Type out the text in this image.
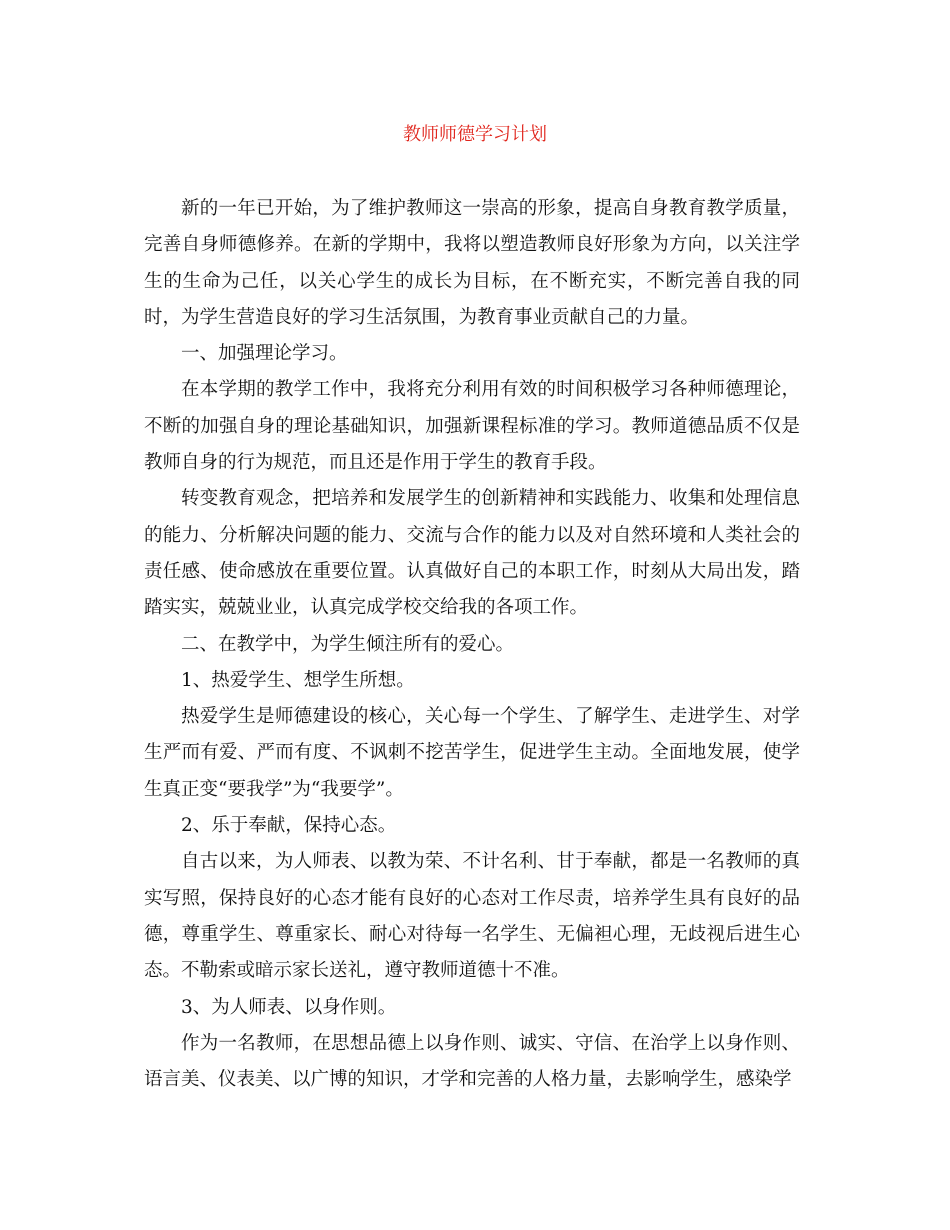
教师师德学习计划

新的一年已开始，为了维护教师这一崇高的形象，提高自身教育教学质量，完善自身师德修养。在新的学期中，我将以塑造教师良好形象为方向，以关注学生的生命为己任，以关心学生的成长为目标，在不断充实，不断完善自我的同时，为学生营造良好的学习生活氛围，为教育事业贡献自己的力量。

一、加强理论学习。

在本学期的教学工作中，我将充分利用有效的时间积极学习各种师德理论，不断的加强自身的理论基础知识，加强新课程标准的学习。教师道德品质不仅是教师自身的行为规范，而且还是作用于学生的教育手段。

转变教育观念，把培养和发展学生的创新精神和实践能力、收集和处理信息的能力、分析解决问题的能力、交流与合作的能力以及对自然环境和人类社会的责任感、使命感放在重要位置。认真做好自己的本职工作，时刻从大局出发，踏踏实实，兢兢业业，认真完成学校交给我的各项工作。

二、在教学中，为学生倾注所有的爱心。

1、热爱学生、想学生所想。

热爱学生是师德建设的核心，关心每一个学生、了解学生、走进学生、对学生严而有爱、严而有度、不讽刺不挖苦学生，促进学生主动。全面地发展，使学生真正变“要我学”为“我要学”。

2、乐于奉献，保持心态。

自古以来，为人师表、以教为荣、不计名利、甘于奉献，都是一名教师的真实写照，保持良好的心态才能有良好的心态对工作尽责，培养学生具有良好的品德，尊重学生、尊重家长、耐心对待每一名学生、无偏袒心理，无歧视后进生心态。不勒索或暗示家长送礼，遵守教师道德十不准。

3、为人师表、以身作则。

作为一名教师，在思想品德上以身作则、诚实、守信、在治学上以身作则、语言美、仪表美、以广博的知识，才学和完善的人格力量，去影响学生，感染学
